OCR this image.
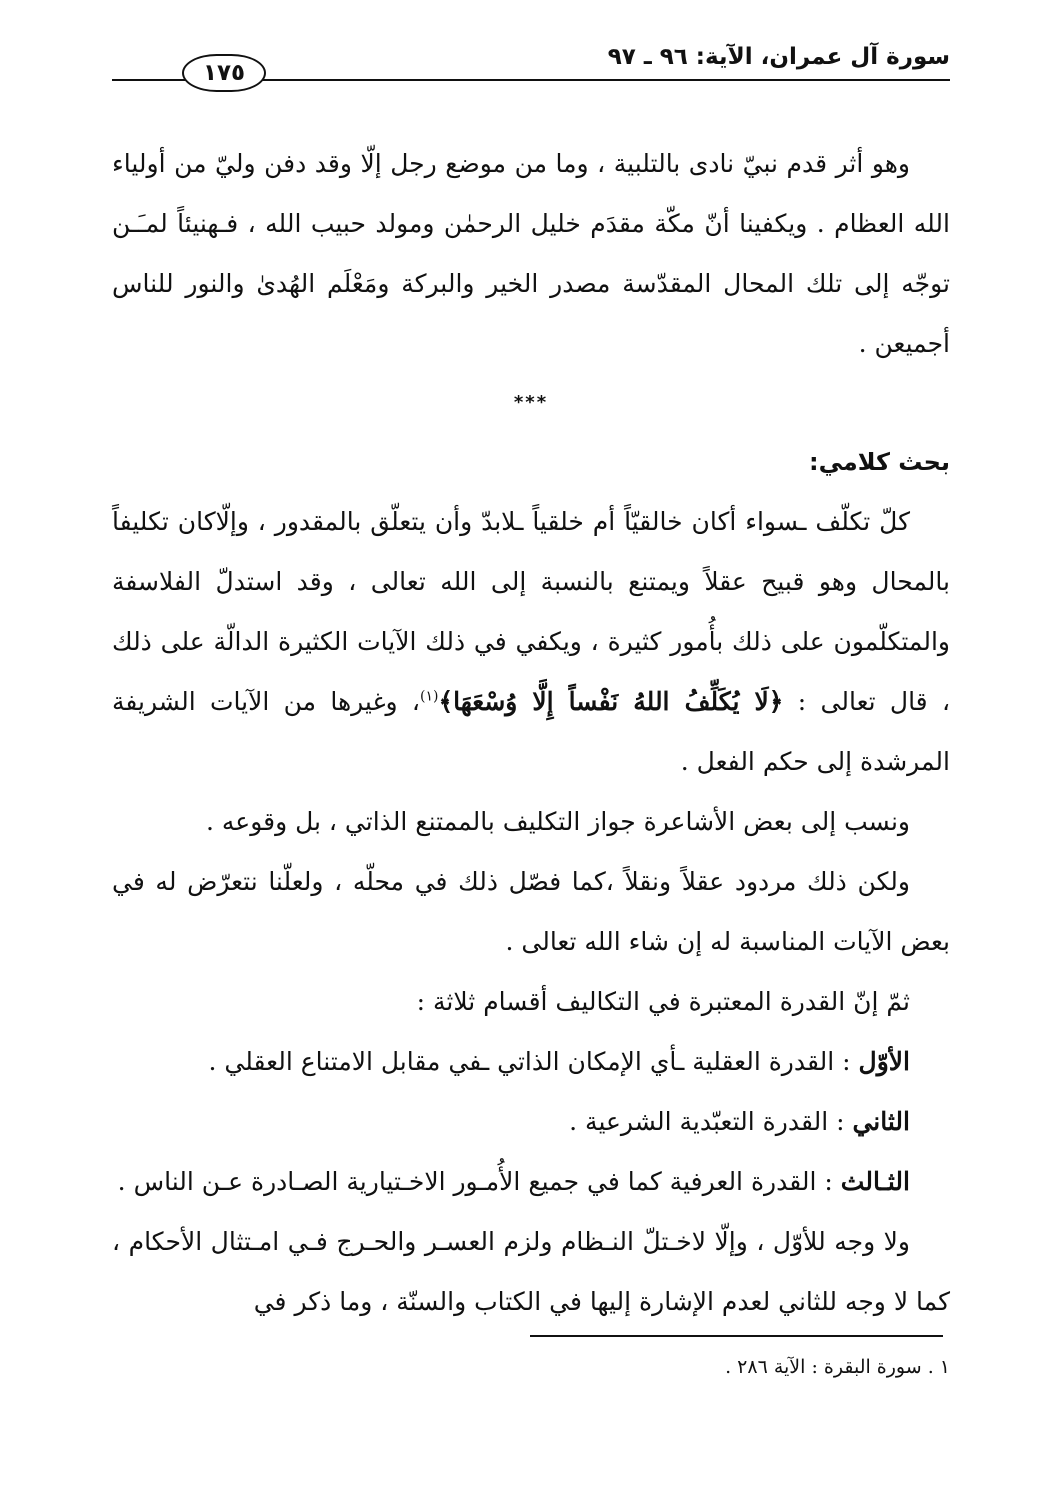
سورة آل عمران، الآية: ٩٦ ـ ٩٧
١٧٥

وهو أثر قدم نبيّ نادى بالتلبية ، وما من موضع رجل إلّا وقد دفن وليّ من أولياء الله العظام . ويكفينا أنّ مكّة مقدَم خليل الرحمٰن ومولد حبيب الله ، فـهنيئاً لمـَـن توجّه إلى تلك المحال المقدّسة مصدر الخير والبركة ومَعْلَم الهُدىٰ والنور للناس أجميعن .

***

بحث كلامي:

كلّ تكلّف ـسواء أكان خالقيّاً أم خلقياً ـلابدّ وأن يتعلّق بالمقدور ، وإلّاكان تكليفاً بالمحال وهو قبيح عقلاً ويمتنع بالنسبة إلى الله تعالى ، وقد استدلّ الفلاسفة والمتكلّمون على ذلك بأُمور كثيرة ، ويكفي في ذلك الآيات الكثيرة الدالّة على ذلك ، قال تعالى : ﴿لَا يُكَلِّفُ اللهُ نَفْساً إِلَّا وُسْعَهَا﴾$^{(١)}$، وغيرها من الآيات الشريفة المرشدة إلى حكم الفعل .

ونسب إلى بعض الأشاعرة جواز التكليف بالممتنع الذاتي ، بل وقوعه .

ولكن ذلك مردود عقلاً ونقلاً ،كما فصّل ذلك في محلّه ، ولعلّنا نتعرّض له في بعض الآيات المناسبة له إن شاء الله تعالى .

ثمّ إنّ القدرة المعتبرة في التكاليف أقسام ثلاثة :

الأوّل : القدرة العقلية ـأي الإمكان الذاتي ـفي مقابل الامتناع العقلي .

الثاني : القدرة التعبّدية الشرعية .

الثـالث : القدرة العرفية كما في جميع الأُمـور الاخـتيارية الصـادرة عـن الناس .

ولا وجه للأوّل ، وإلّا لاخـتلّ النـظام ولزم العسـر والحـرج فـي امـتثال الأحكام ، كما لا وجه للثاني لعدم الإشارة إليها في الكتاب والسنّة ، وما ذكر في

١ . سورة البقرة : الآية ٢٨٦ .
